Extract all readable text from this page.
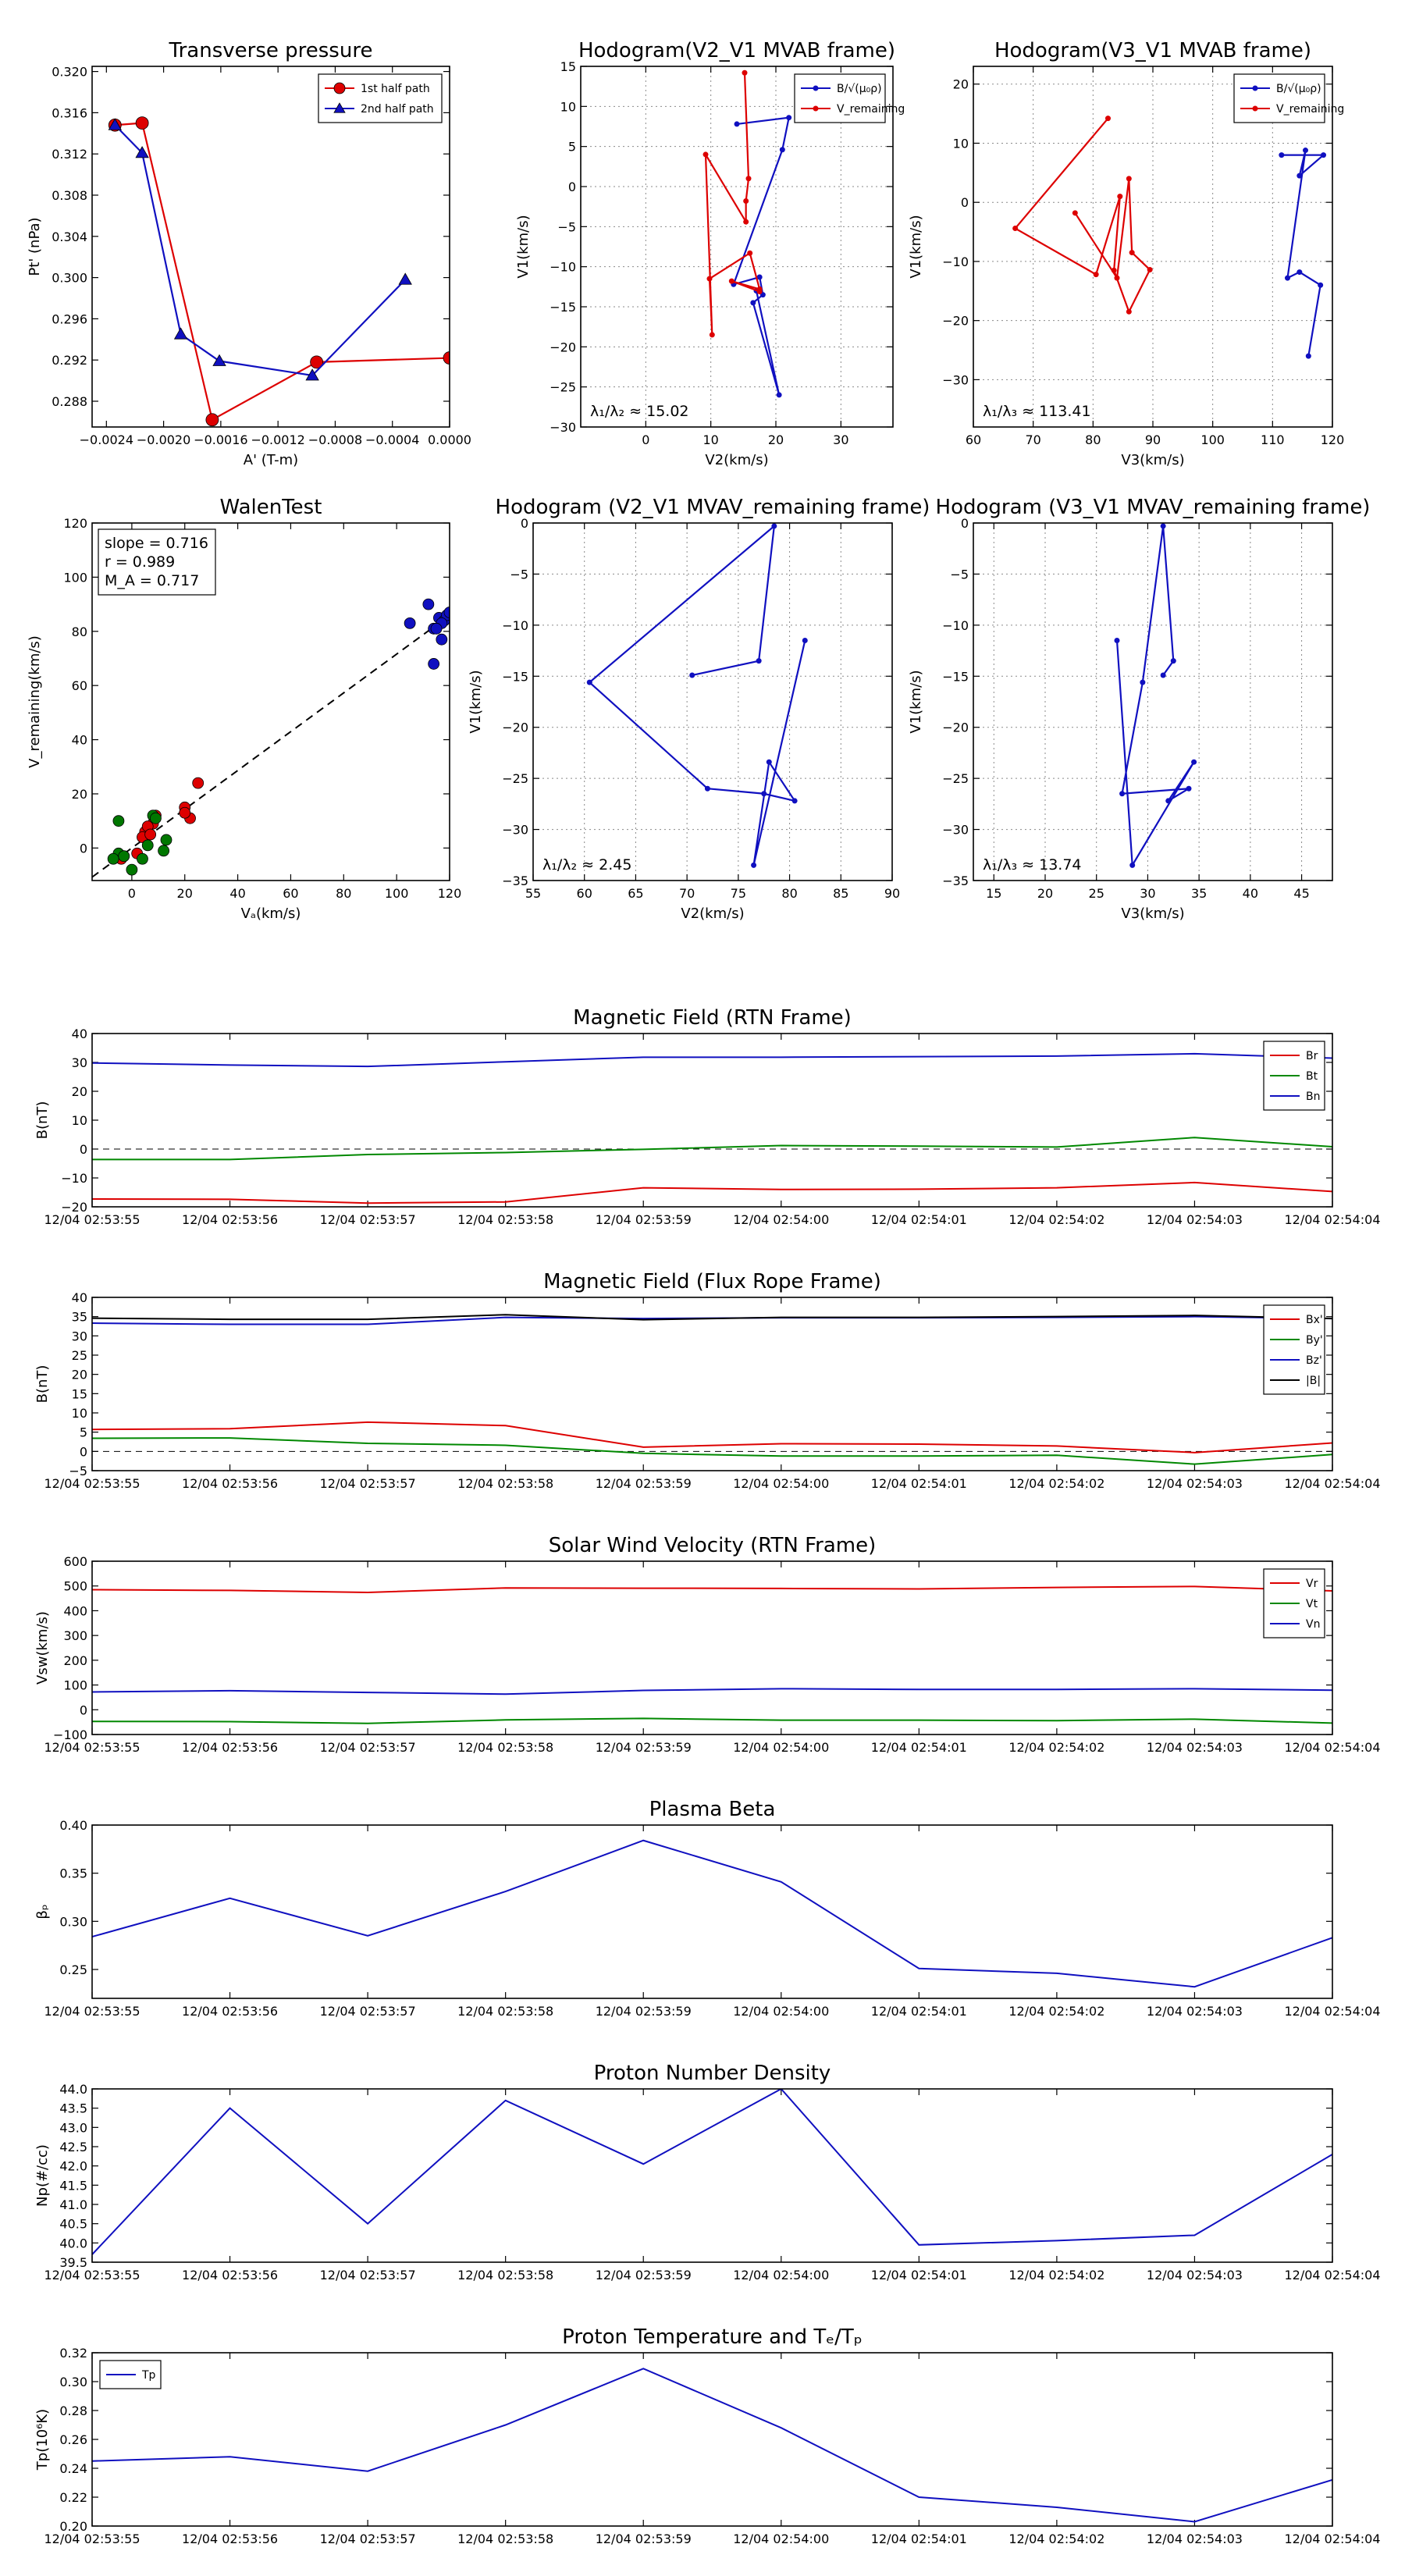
Transverse pressure
−0.0024 −0.0020 −0.0016 −0.0012 −0.0008 −0.0004 0.0000
0.288
0.292
0.296
0.300
0.304
0.308
0.312
0.316
0.320
A' (T-m)
Pt' (nPa)
1st half path
2nd half path
Hodogram(V2_V1 MVAB frame)
0	10	20	30
−30
−25
−20
−15
−10
−5
0
5
10
15
V2(km/s)
V1(km/s)
λ₁/λ₂ ≈ 15.02
B/√(μ₀ρ)
V_remaining
Hodogram(V3_V1 MVAB frame)
60	70	80	90	100	110	120
−30
−20
−10
0
10
20
V3(km/s)
V1(km/s)
λ₁/λ₃ ≈ 113.41
B/√(μ₀ρ)
V_remaining
WalenTest
0	20	40	60	80	100 120
0
20
40
60
80
100
120
Vₐ(km/s)
V_remaining(km/s)
slope = 0.716
r = 0.989
M_A = 0.717
Hodogram (V2_V1 MVAV_remaining frame)
55	60	65	70	75	80	85	90
−35
−30
−25
−20
−15
−10
−5
0
V2(km/s)
V1(km/s)
λ₁/λ₂ ≈ 2.45
Hodogram (V3_V1 MVAV_remaining frame)
15	20	25	30	35	40	45
−35
−30
−25
−20
−15
−10
−5
0
V3(km/s)
V1(km/s)
λ₁/λ₃ ≈ 13.74
Magnetic Field (RTN Frame)
12/04 02:53:55	12/04 02:53:56	12/04 02:53:57	12/04 02:53:58	12/04 02:53:59	12/04 02:54:00	12/04 02:54:01	12/04 02:54:02	12/04 02:54:03	12/04 02:54:04
−20
−10
0
10
20
30
40
B(nT)
Br
Bt
Bn
Magnetic Field (Flux Rope Frame)
12/04 02:53:55	12/04 02:53:56	12/04 02:53:57	12/04 02:53:58	12/04 02:53:59	12/04 02:54:00	12/04 02:54:01	12/04 02:54:02	12/04 02:54:03	12/04 02:54:04
−5
0
5
10
15
20
25
30
35
40
B(nT)
Bx'
By'
Bz'
|B|
Solar Wind Velocity (RTN Frame)
12/04 02:53:55	12/04 02:53:56	12/04 02:53:57	12/04 02:53:58	12/04 02:53:59	12/04 02:54:00	12/04 02:54:01	12/04 02:54:02	12/04 02:54:03	12/04 02:54:04
−100
0
100
200
300
400
500
600
Vsw(km/s)
Vr
Vt
Vn
Plasma Beta
12/04 02:53:55	12/04 02:53:56	12/04 02:53:57	12/04 02:53:58	12/04 02:53:59	12/04 02:54:00	12/04 02:54:01	12/04 02:54:02	12/04 02:54:03	12/04 02:54:04
0.25
0.30
0.35
0.40
βₚ
Proton Number Density
12/04 02:53:55	12/04 02:53:56	12/04 02:53:57	12/04 02:53:58	12/04 02:53:59	12/04 02:54:00	12/04 02:54:01	12/04 02:54:02	12/04 02:54:03	12/04 02:54:04
39.5
40.0
40.5
41.0
41.5
42.0
42.5
43.0
43.5
44.0
Np(#/cc)
Proton Temperature and Tₑ/Tₚ
12/04 02:53:55	12/04 02:53:56	12/04 02:53:57	12/04 02:53:58	12/04 02:53:59	12/04 02:54:00	12/04 02:54:01	12/04 02:54:02	12/04 02:54:03	12/04 02:54:04
0.20
0.22
0.24
0.26
0.28
0.30
0.32
Tp(10⁶K)
Tp
